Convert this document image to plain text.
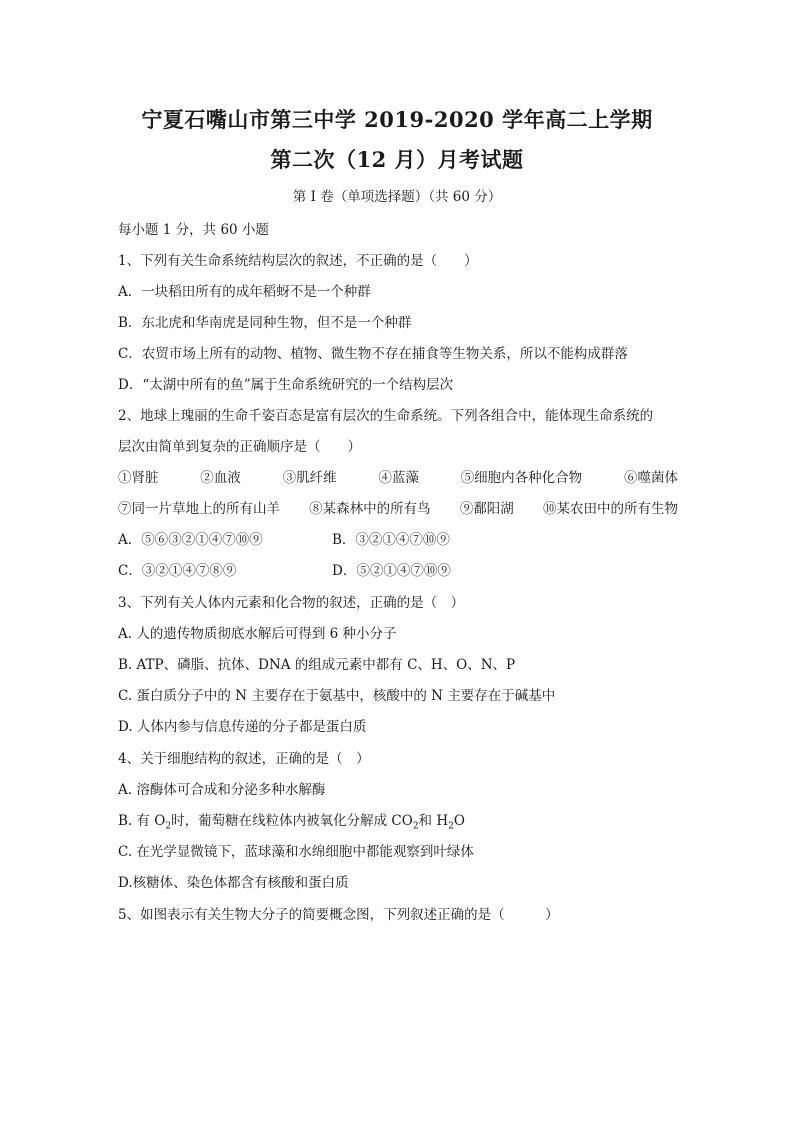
宁夏石嘴山市第三中学 2019-2020 学年高二上学期
第二次（12 月）月考试题
第 I 卷（单项选择题）（共 60 分）
每小题 1 分，共 60 小题
1、下列有关生命系统结构层次的叙述，不正确的是（　　）
A．一块稻田所有的成年稻蚜不是一个种群
B．东北虎和华南虎是同种生物，但不是一个种群
C．农贸市场上所有的动物、植物、微生物不存在捕食等生物关系，所以不能构成群落
D．“太湖中所有的鱼”属于生命系统研究的一个结构层次
2、地球上瑰丽的生命千姿百态是富有层次的生命系统。下列各组合中，能体现生命系统的
层次由简单到复杂的正确顺序是（　　）
①肾脏	②血液	③肌纤维	④蓝藻	⑤细胞内各种化合物	⑥噬菌体
⑦同一片草地上的所有山羊 ⑧某森林中的所有鸟 ⑨鄱阳湖 ⑩某农田中的所有生物
A．⑤⑥③②①④⑦⑩⑨	B．③②①④⑦⑩⑨
C．③②①④⑦⑧⑨	D．⑤②①④⑦⑩⑨
3、下列有关人体内元素和化合物的叙述，正确的是（　）
A. 人的遗传物质彻底水解后可得到 6 种小分子
B. ATP、磷脂、抗体、DNA 的组成元素中都有 C、H、O、N、P
C. 蛋白质分子中的 N 主要存在于氨基中，核酸中的 N 主要存在于碱基中
D. 人体内参与信息传递的分子都是蛋白质
4、关于细胞结构的叙述，正确的是（　）
A. 溶酶体可合成和分泌多种水解酶
B. 有 $O_2$时，葡萄糖在线粒体内被氧化分解成 $CO_2$和 $H_2O$
C. 在光学显微镜下，蓝球藻和水绵细胞中都能观察到叶绿体
D.核糖体、染色体都含有核酸和蛋白质
5、如图表示有关生物大分子的简要概念图，下列叙述正确的是（　　　）
